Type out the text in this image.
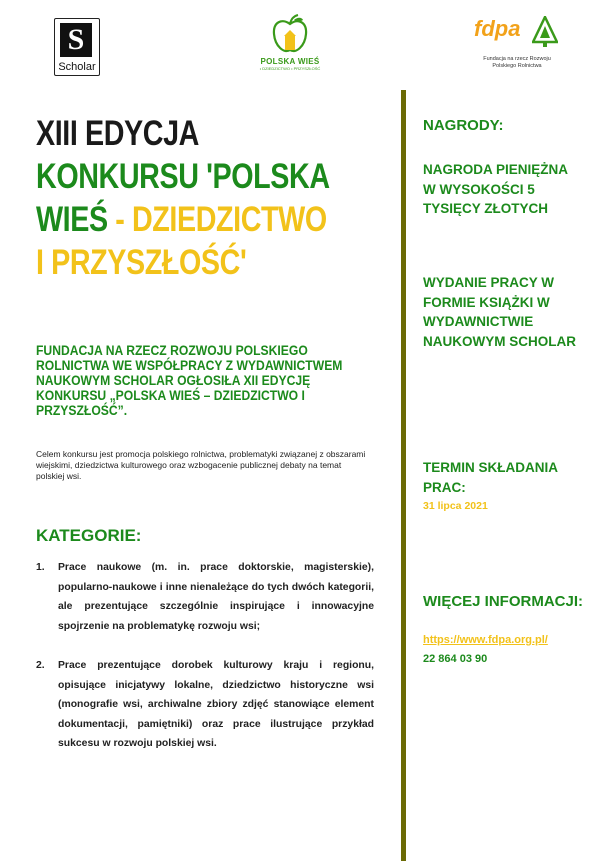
S
Scholar	POLSKA WIEŚ
• DZIEDZICTWO • PRZYSZŁOŚĆ
fdpa
Fundacja na rzecz Rozwoju
Polskiego Rolnictwa
XIII EDYCJA
KONKURSU 'POLSKA
WIEŚ - DZIEDZICTWO
I PRZYSZŁOŚĆ'
FUNDACJA NA RZECZ ROZWOJU POLSKIEGO ROLNICTWA WE WSPÓŁPRACY Z WYDAWNICTWEM NAUKOWYM SCHOLAR OGŁOSIŁA XII EDYCJĘ KONKURSU „POLSKA WIEŚ – DZIEDZICTWO I PRZYSZŁOŚĆ”.
Celem konkursu jest promocja polskiego rolnictwa, problematyki związanej z obszarami wiejskimi, dziedzictwa kulturowego oraz wzbogacenie publicznej debaty na temat polskiej wsi.
KATEGORIE:
1. Prace naukowe (m. in. prace doktorskie, magisterskie), popularno-naukowe i inne nienależące do tych dwóch kategorii, ale prezentujące szczególnie inspirujące i innowacyjne spojrzenie na problematykę rozwoju wsi;
2. Prace prezentujące dorobek kulturowy kraju i regionu, opisujące inicjatywy lokalne, dziedzictwo historyczne wsi (monografie wsi, archiwalne zbiory zdjęć stanowiące element dokumentacji, pamiętniki) oraz prace ilustrujące przykład sukcesu w rozwoju polskiej wsi.
NAGRODY:
NAGRODA PIENIĘŻNA W WYSOKOŚCI 5 TYSIĘCY ZŁOTYCH
WYDANIE PRACY W FORMIE KSIĄŻKI W WYDAWNICTWIE NAUKOWYM SCHOLAR
TERMIN SKŁADANIA PRAC:
31 lipca 2021
WIĘCEJ INFORMACJI:
https://www.fdpa.org.pl/
22 864 03 90
